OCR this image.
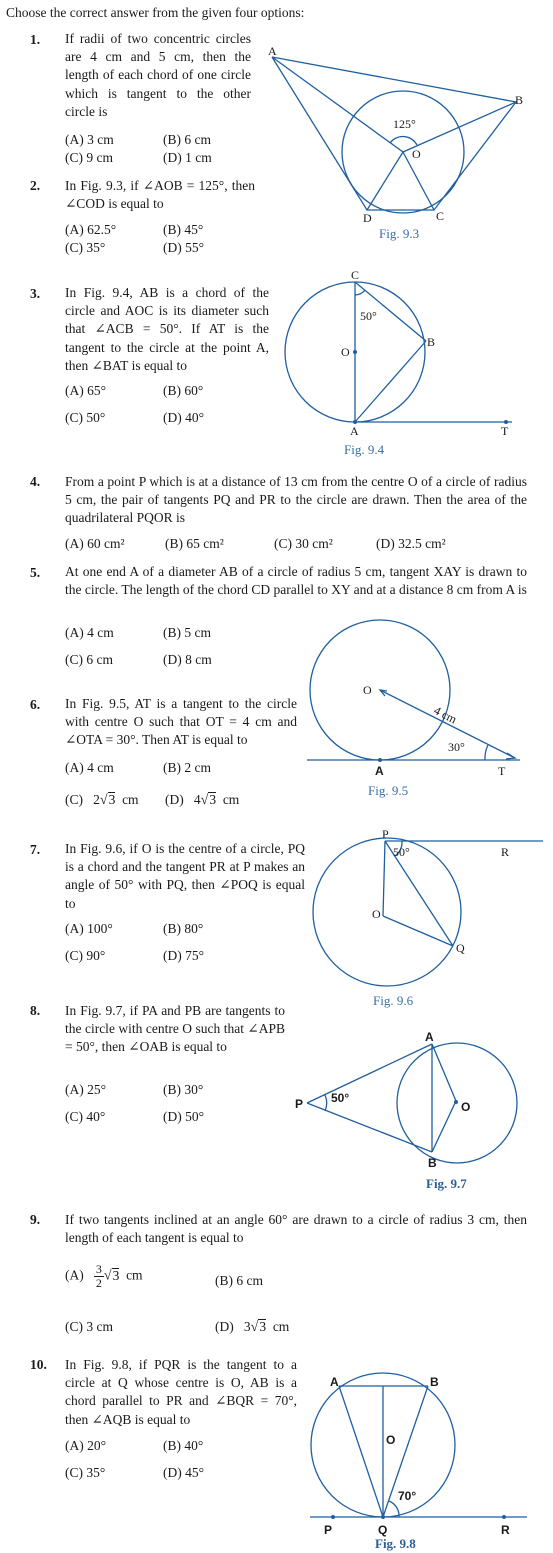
Choose the correct answer from the given four options:
1. If radii of two concentric circles are 4 cm and 5 cm, then the length of each chord of one circle which is tangent to the other circle is
(A) 3 cm	(B) 6 cm
(C) 9 cm	(D) 1 cm
2. In Fig. 9.3, if ∠AOB = 125°, then ∠COD is equal to
(A) 62.5°	(B) 45°
(C) 35°	(D) 55°
A
B
C
D
O
125°
Fig. 9.3
3. In Fig. 9.4, AB is a chord of the circle and AOC is its diameter such that ∠ACB = 50°. If AT is the tangent to the circle at the point A, then ∠BAT is equal to
(A) 65°	(B) 60°
(C) 50°	(D) 40°
C
B
O
A	T
50°
Fig. 9.4
4. From a point P which is at a distance of 13 cm from the centre O of a circle of radius 5 cm, the pair of tangents PQ and PR to the circle are drawn. Then the area of the quadrilateral PQOR is
(A) 60 cm²	(B) 65 cm²	(C) 30 cm²	(D) 32.5 cm²
5. At one end A of a diameter AB of a circle of radius 5 cm, tangent XAY is drawn to the circle. The length of the chord CD parallel to XY and at a distance 8 cm from A is
(A) 4 cm	(B) 5 cm
(C) 6 cm	(D) 8 cm
6. In Fig. 9.5, AT is a tangent to the circle with centre O such that OT = 4 cm and ∠OTA = 30°. Then AT is equal to
(A) 4 cm	(B) 2 cm
(C) 2√3 cm (D) 4√3 cm
O
A	T
4 cm
30°
Fig. 9.5
7. In Fig. 9.6, if O is the centre of a circle, PQ is a chord and the tangent PR at P makes an angle of 50° with PQ, then ∠POQ is equal to
(A) 100°	(B) 80°
(C) 90°	(D) 75°
P
R
O
Q
50°
Fig. 9.6
8. In Fig. 9.7, if PA and PB are tangents to the circle with centre O such that ∠APB = 50°, then ∠OAB is equal to
(A) 25°	(B) 30°
(C) 40°	(D) 50°
A
B
P	O
50°
Fig. 9.7
9. If two tangents inclined at an angle 60° are drawn to a circle of radius 3 cm, then length of each tangent is equal to
$(A) \frac{3}{2} √3$ cm	(B) 6 cm
(C) 3 cm	(D) 3√3 cm
10. In Fig. 9.8, if PQR is the tangent to a circle at Q whose centre is O, AB is a chord parallel to PR and ∠BQR = 70°, then ∠AQB is equal to
(A) 20°	(B) 40°
(C) 35°	(D) 45°
A	B
O
P	Q	R
70°
Fig. 9.8
